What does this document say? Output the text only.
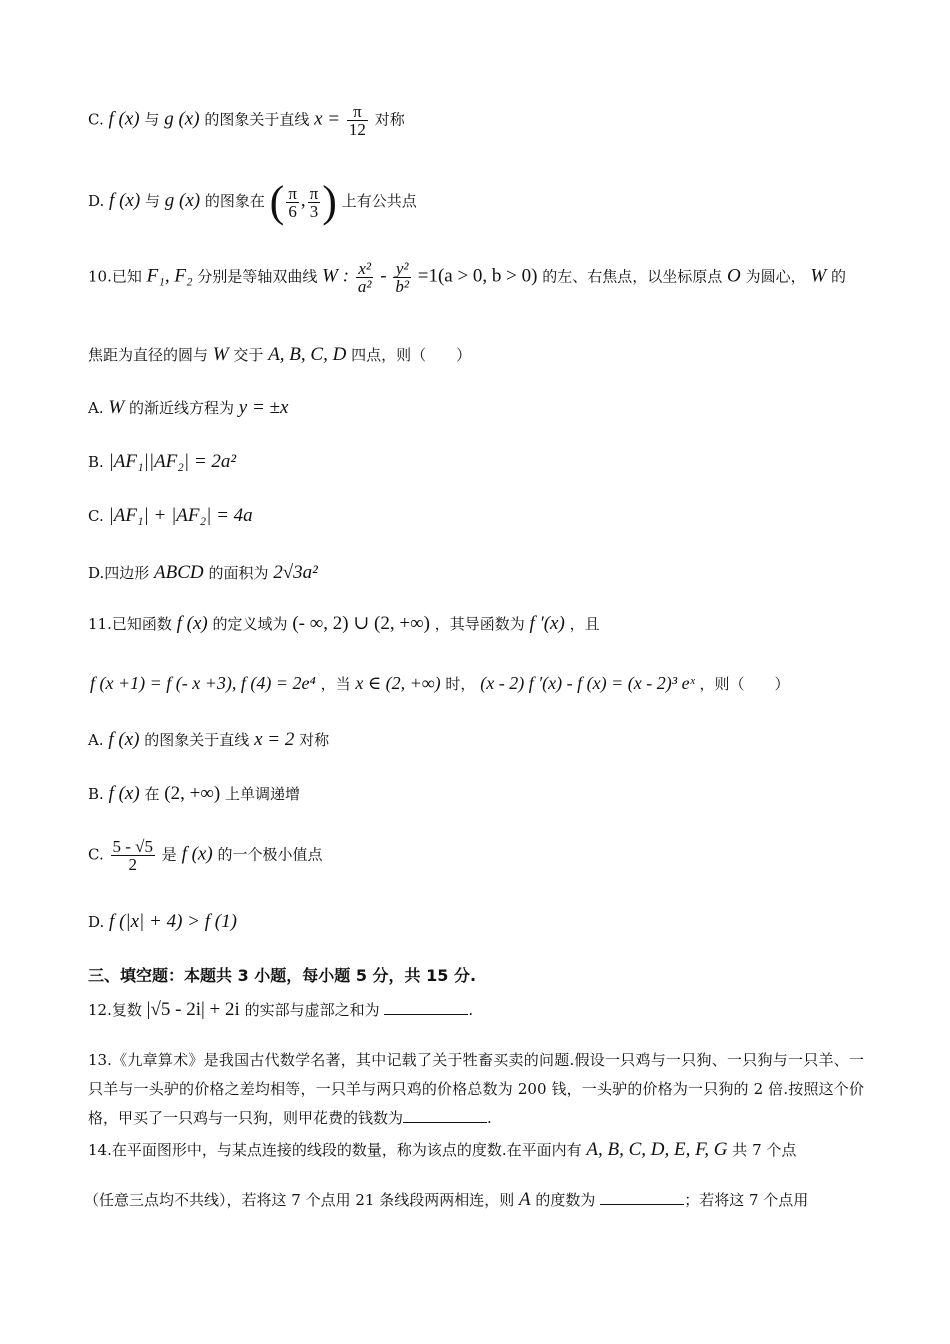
C. f (x) 与 g (x) 的图象关于直线 $x = \frac{\pi}{12}$ 对称
D. f (x) 与 g (x) 的图象在 ( $\frac{\pi}{6}$ , $\frac{\pi}{3}$ ) 上有公共点
10.已知 F₁, F₂ 分别是等轴双曲线 W : $\frac{\text{x²}}{\text{a²}} - \frac{\text{y²}}{\text{b²}} =1(a > 0$, b > 0) 的左、右焦点，以坐标原点 O 为圆心， W 的
焦距为直径的圆与 W 交于 A, B, C, D 四点，则（　　）
A. W 的渐近线方程为 y = ±x
B. |AF₁||AF₂| = 2a²
C. |AF₁| + |AF₂| = 4a
D.四边形 ABCD 的面积为 2√3a²
11.已知函数 f (x) 的定义域为 (- ∞, 2) ∪ (2, +∞) ，其导函数为 f ′(x) ，且
f (x +1) = f (- x +3), f (4) = 2e⁴ ，当 x ∈ (2, +∞) 时， (x - 2) f ′(x) - f (x) = (x - 2)³ eˣ ，则（　　）
A. f (x) 的图象关于直线 x = 2 对称
B. f (x) 在 (2, +∞) 上单调递增
C. $\frac{5 - √5}{2}$ 是 f (x) 的一个极小值点
D. f (|x| + 4) > f (1)
三、填空题：本题共 3 小题，每小题 5 分，共 15 分.
12.复数 |√5 - 2i| + 2i 的实部与虚部之和为	.
13.《九章算术》是我国古代数学名著，其中记载了关于牲畜买卖的问题.假设一只鸡与一只狗、一只狗与一只羊、一只羊与一头驴的价格之差均相等，一只羊与两只鸡的价格总数为 200 钱，一头驴的价格为一只狗的 2 倍.按照这个价格，甲买了一只鸡与一只狗，则甲花费的钱数为	.
14.在平面图形中，与某点连接的线段的数量，称为该点的度数.在平面内有 A, B, C, D, E, F, G 共 7 个点
（任意三点均不共线），若将这 7 个点用 21 条线段两两相连，则 A 的度数为	；若将这 7 个点用
